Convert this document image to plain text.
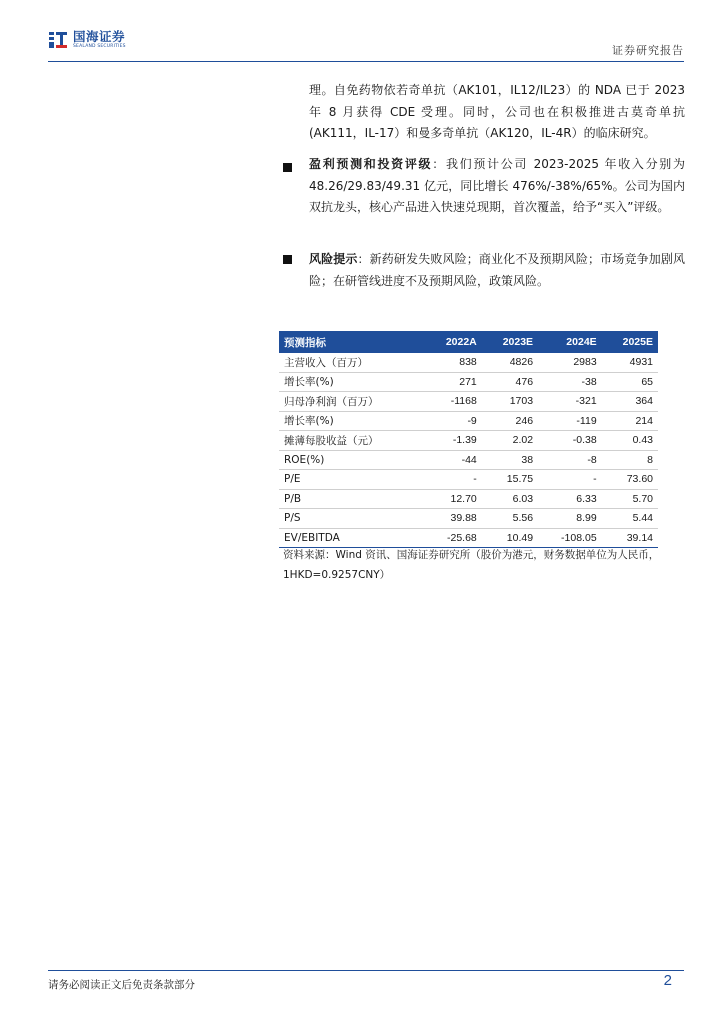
国海证券
SEALAND SECURITIES	证券研究报告
理。自免药物依若奇单抗（AK101，IL12/IL23）的 NDA 已于 2023 年 8 月获得 CDE 受理。同时，公司也在积极推进古莫奇单抗(AK111，IL-17）和曼多奇单抗（AK120，IL-4R）的临床研究。
盈利预测和投资评级：我们预计公司 2023-2025 年收入分别为 48.26/29.83/49.31 亿元，同比增长 476%/-38%/65%。公司为国内双抗龙头，核心产品进入快速兑现期，首次覆盖，给予“买入”评级。
风险提示：新药研发失败风险；商业化不及预期风险；市场竞争加剧风险；在研管线进度不及预期风险，政策风险。
预测指标	2022A	2023E	2024E	2025E
主营收入（百万）	838	4826	2983	4931
增长率(%)	271	476	-38	65
归母净利润（百万）	-1168	1703	-321	364
增长率(%)	-9	246	-119	214
摊薄每股收益（元）	-1.39	2.02	-0.38	0.43
ROE(%)	-44	38	-8	8
P/E	-	15.75	-	73.60
P/B	12.70	6.03	6.33	5.70
P/S	39.88	5.56	8.99	5.44
EV/EBITDA	-25.68	10.49	-108.05	39.14
资料来源：Wind 资讯、国海证券研究所（股价为港元，财务数据单位为人民币，1HKD=0.9257CNY）
请务必阅读正文后免责条款部分	2
